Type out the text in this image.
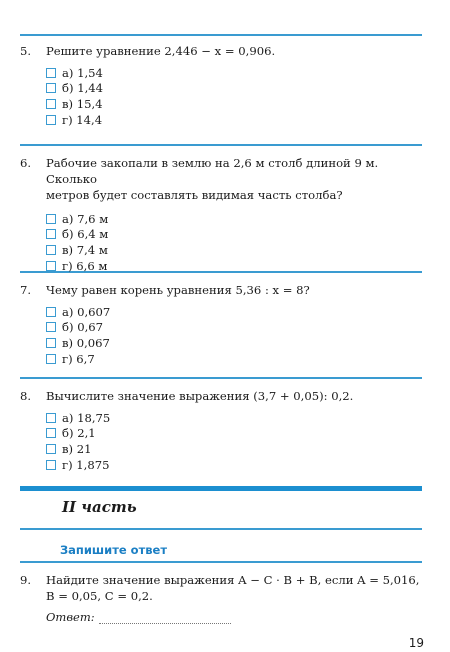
5.	Решите уравнение 2,446 − x = 0,906.
а) 1,54
б) 1,44
в) 15,4
г) 14,4
6.	Рабочие закопали в землю на 2,6 м столб длиной 9 м. Сколько
метров будет составлять видимая часть столба?
а) 7,6 м
б) 6,4 м
в) 7,4 м
г) 6,6 м
7.	Чему равен корень уравнения 5,36 : x = 8?
а) 0,607
б) 0,67
в) 0,067
г) 6,7
8.	Вычислите значение выражения (3,7 + 0,05): 0,2.
а) 18,75
б) 2,1
в) 21
г) 1,875
II часть
Запишите ответ
9.	Найдите значение выражения A − C · B + B, если A = 5,016,
B = 0,05, C = 0,2.
Ответ:
19
